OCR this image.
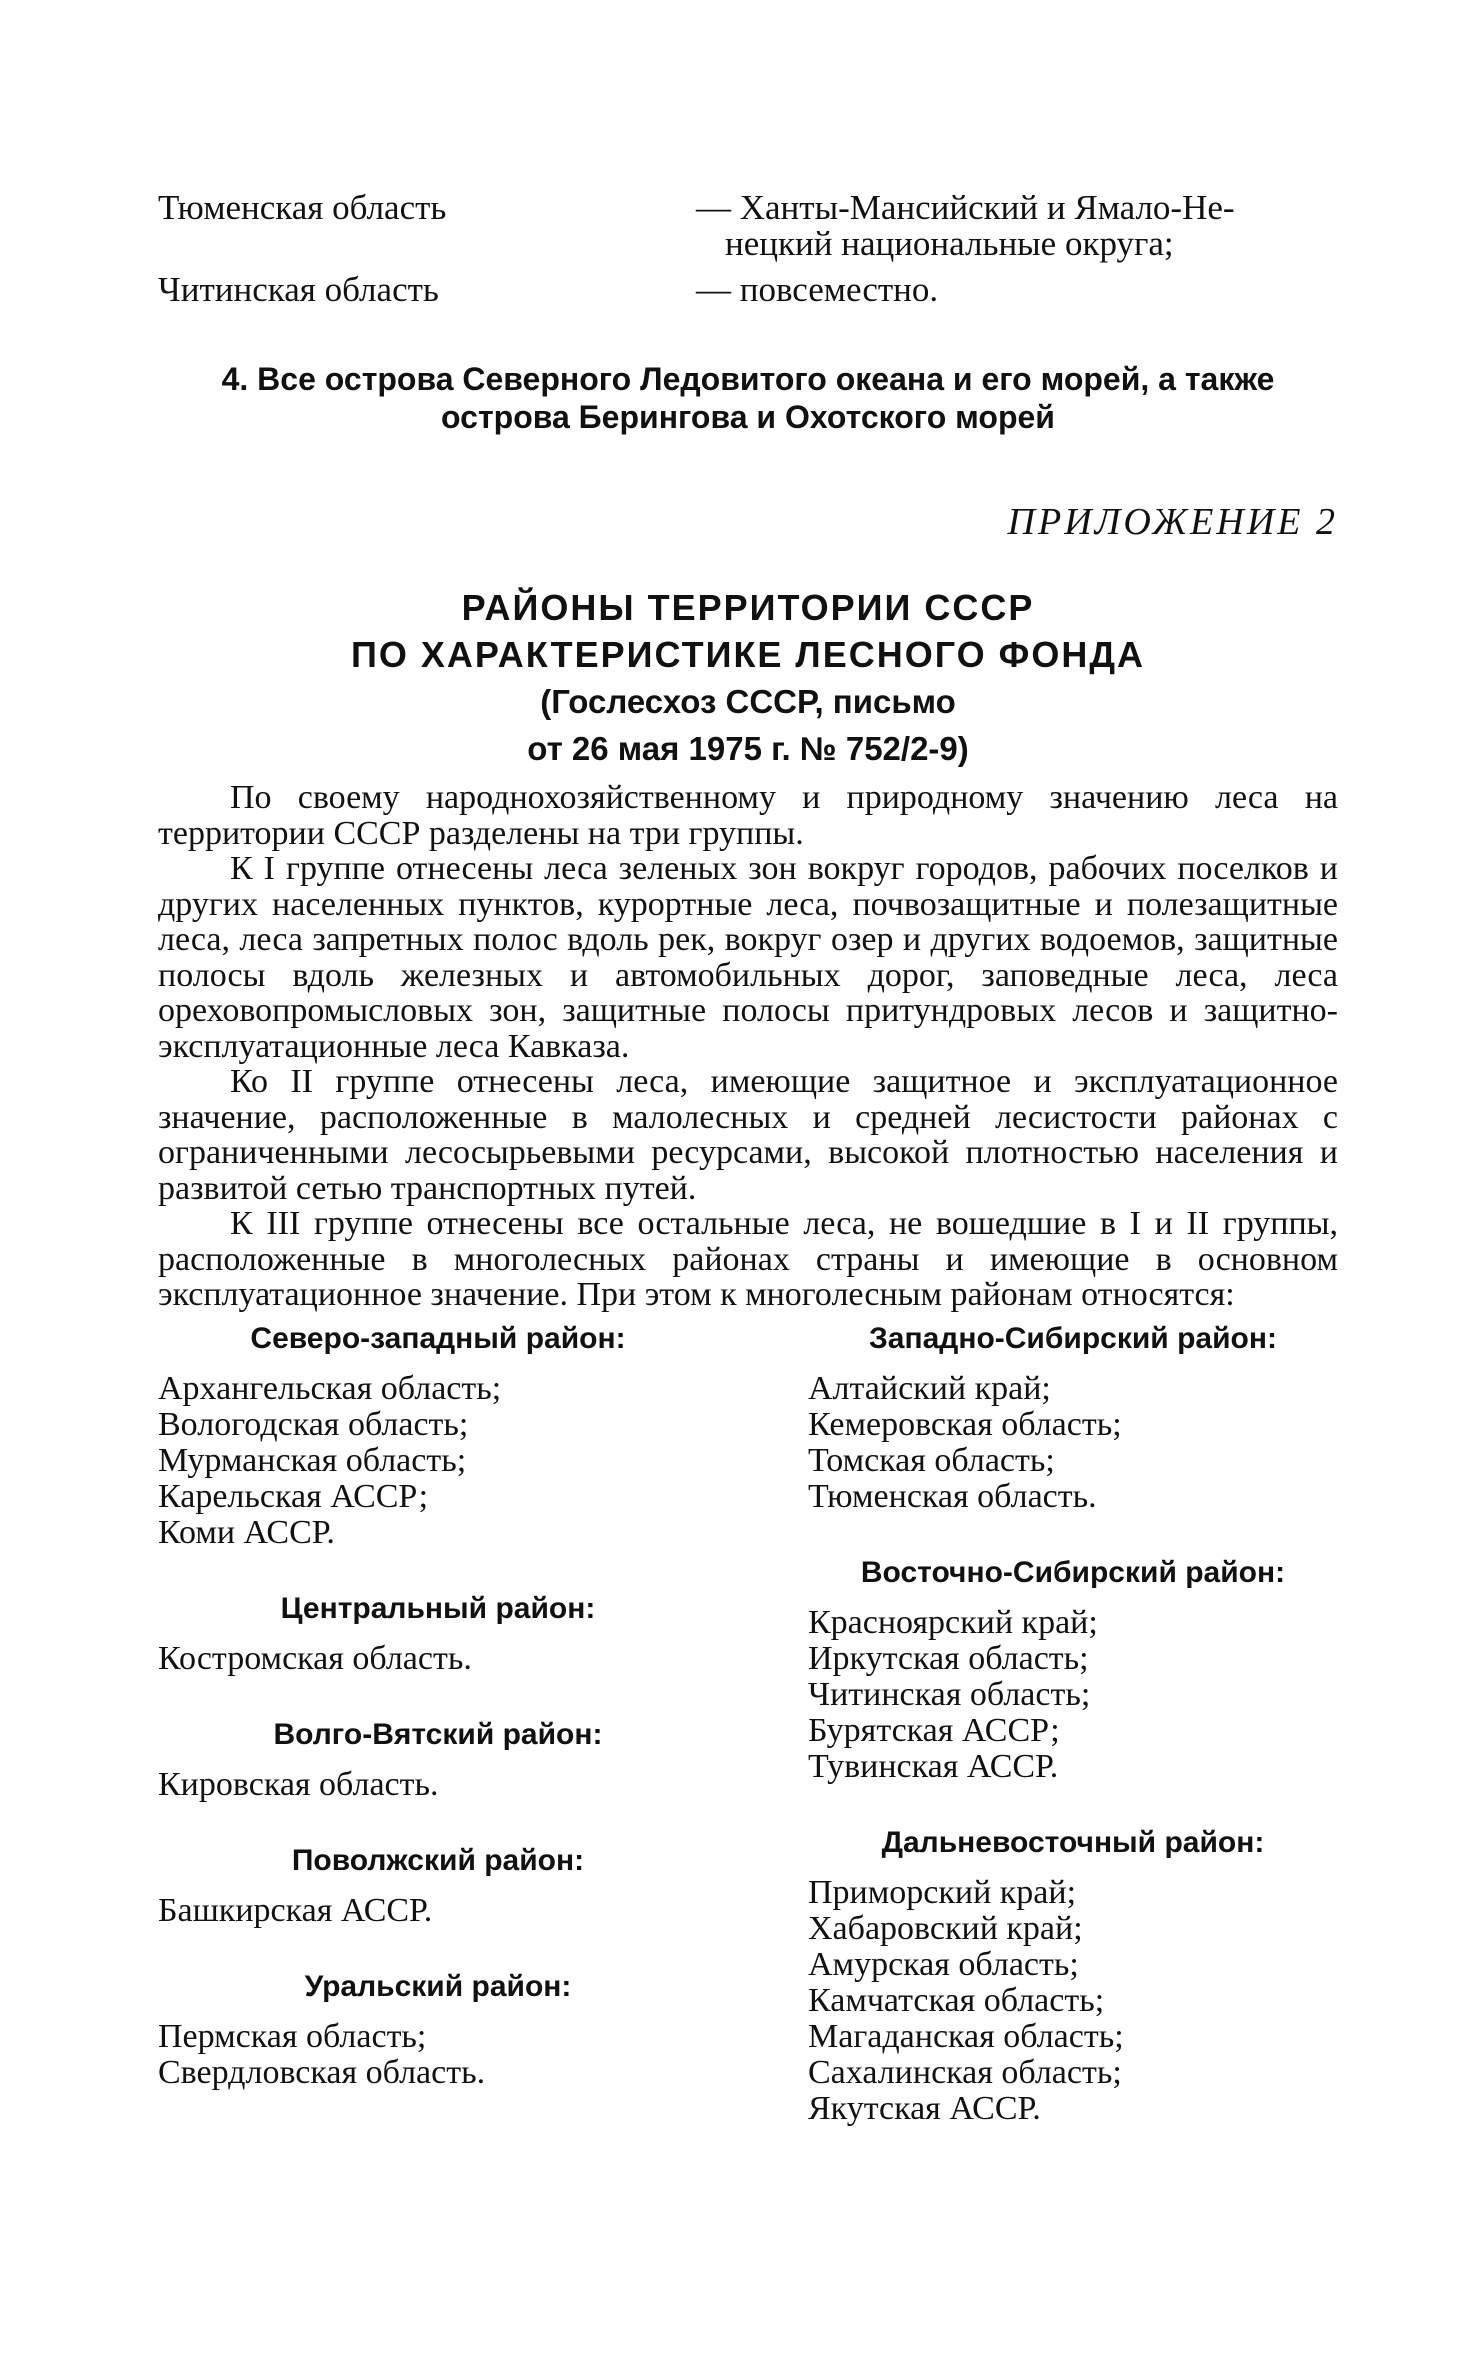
Тюменская область	— Ханты-Мансийский и Ямало-Не-
нецкий национальные округа;
Читинская область	— повсеместно.
4. Все острова Северного Ледовитого океана и его морей, а также
острова Берингова и Охотского морей
ПРИЛОЖЕНИЕ 2
РАЙОНЫ ТЕРРИТОРИИ СССР
ПО ХАРАКТЕРИСТИКЕ ЛЕСНОГО ФОНДА
(Гослесхоз СССР, письмо
от 26 мая 1975 г. № 752/2-9)

По своему народнохозяйственному и природному значению леса на территории СССР разделены на три группы.

К I группе отнесены леса зеленых зон вокруг городов, рабочих поселков и других населенных пунктов, курортные леса, почвозащитные и полезащитные леса, леса запретных полос вдоль рек, вокруг озер и других водоемов, защитные полосы вдоль железных и автомобильных дорог, заповедные леса, леса ореховопромысловых зон, защитные полосы притундровых лесов и защитно-эксплуатационные леса Кавказа.

Ко II группе отнесены леса, имеющие защитное и эксплуатационное значение, расположенные в малолесных и средней лесистости районах с ограниченными лесосырьевыми ресурсами, высокой плотностью населения и развитой сетью транспортных путей.

К III группе отнесены все остальные леса, не вошедшие в I и II группы, расположенные в многолесных районах страны и имеющие в основном эксплуатационное значение. При этом к многолесным районам относятся:

Северо-западный район:
Архангельская область;
Вологодская область;
Мурманская область;
Карельская АССР;
Коми АССР.
Центральный район:
Костромская область.
Волго-Вятский район:
Кировская область.
Поволжский район:
Башкирская АССР.
Уральский район:
Пермская область;
Свердловская область.
Западно-Сибирский район:
Алтайский край;
Кемеровская область;
Томская область;
Тюменская область.
Восточно-Сибирский район:
Красноярский край;
Иркутская область;
Читинская область;
Бурятская АССР;
Тувинская АССР.
Дальневосточный район:
Приморский край;
Хабаровский край;
Амурская область;
Камчатская область;
Магаданская область;
Сахалинская область;
Якутская АССР.
